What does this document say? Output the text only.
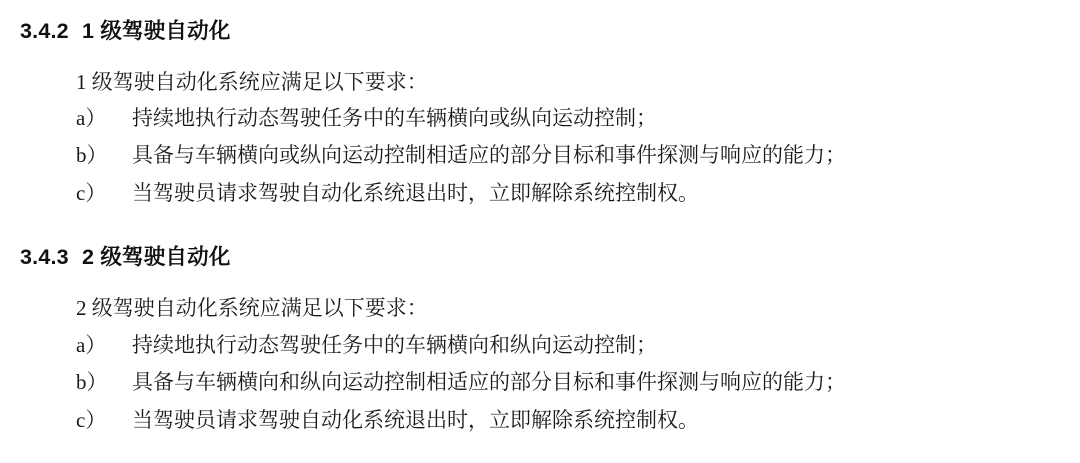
3.4.2 1 级驾驶自动化

1 级驾驶自动化系统应满足以下要求：

a）	持续地执行动态驾驶任务中的车辆横向或纵向运动控制；
b）	具备与车辆横向或纵向运动控制相适应的部分目标和事件探测与响应的能力；
c）	当驾驶员请求驾驶自动化系统退出时，立即解除系统控制权。
3.4.3 2 级驾驶自动化

2 级驾驶自动化系统应满足以下要求：

a）	持续地执行动态驾驶任务中的车辆横向和纵向运动控制；
b）	具备与车辆横向和纵向运动控制相适应的部分目标和事件探测与响应的能力；
c）	当驾驶员请求驾驶自动化系统退出时，立即解除系统控制权。
